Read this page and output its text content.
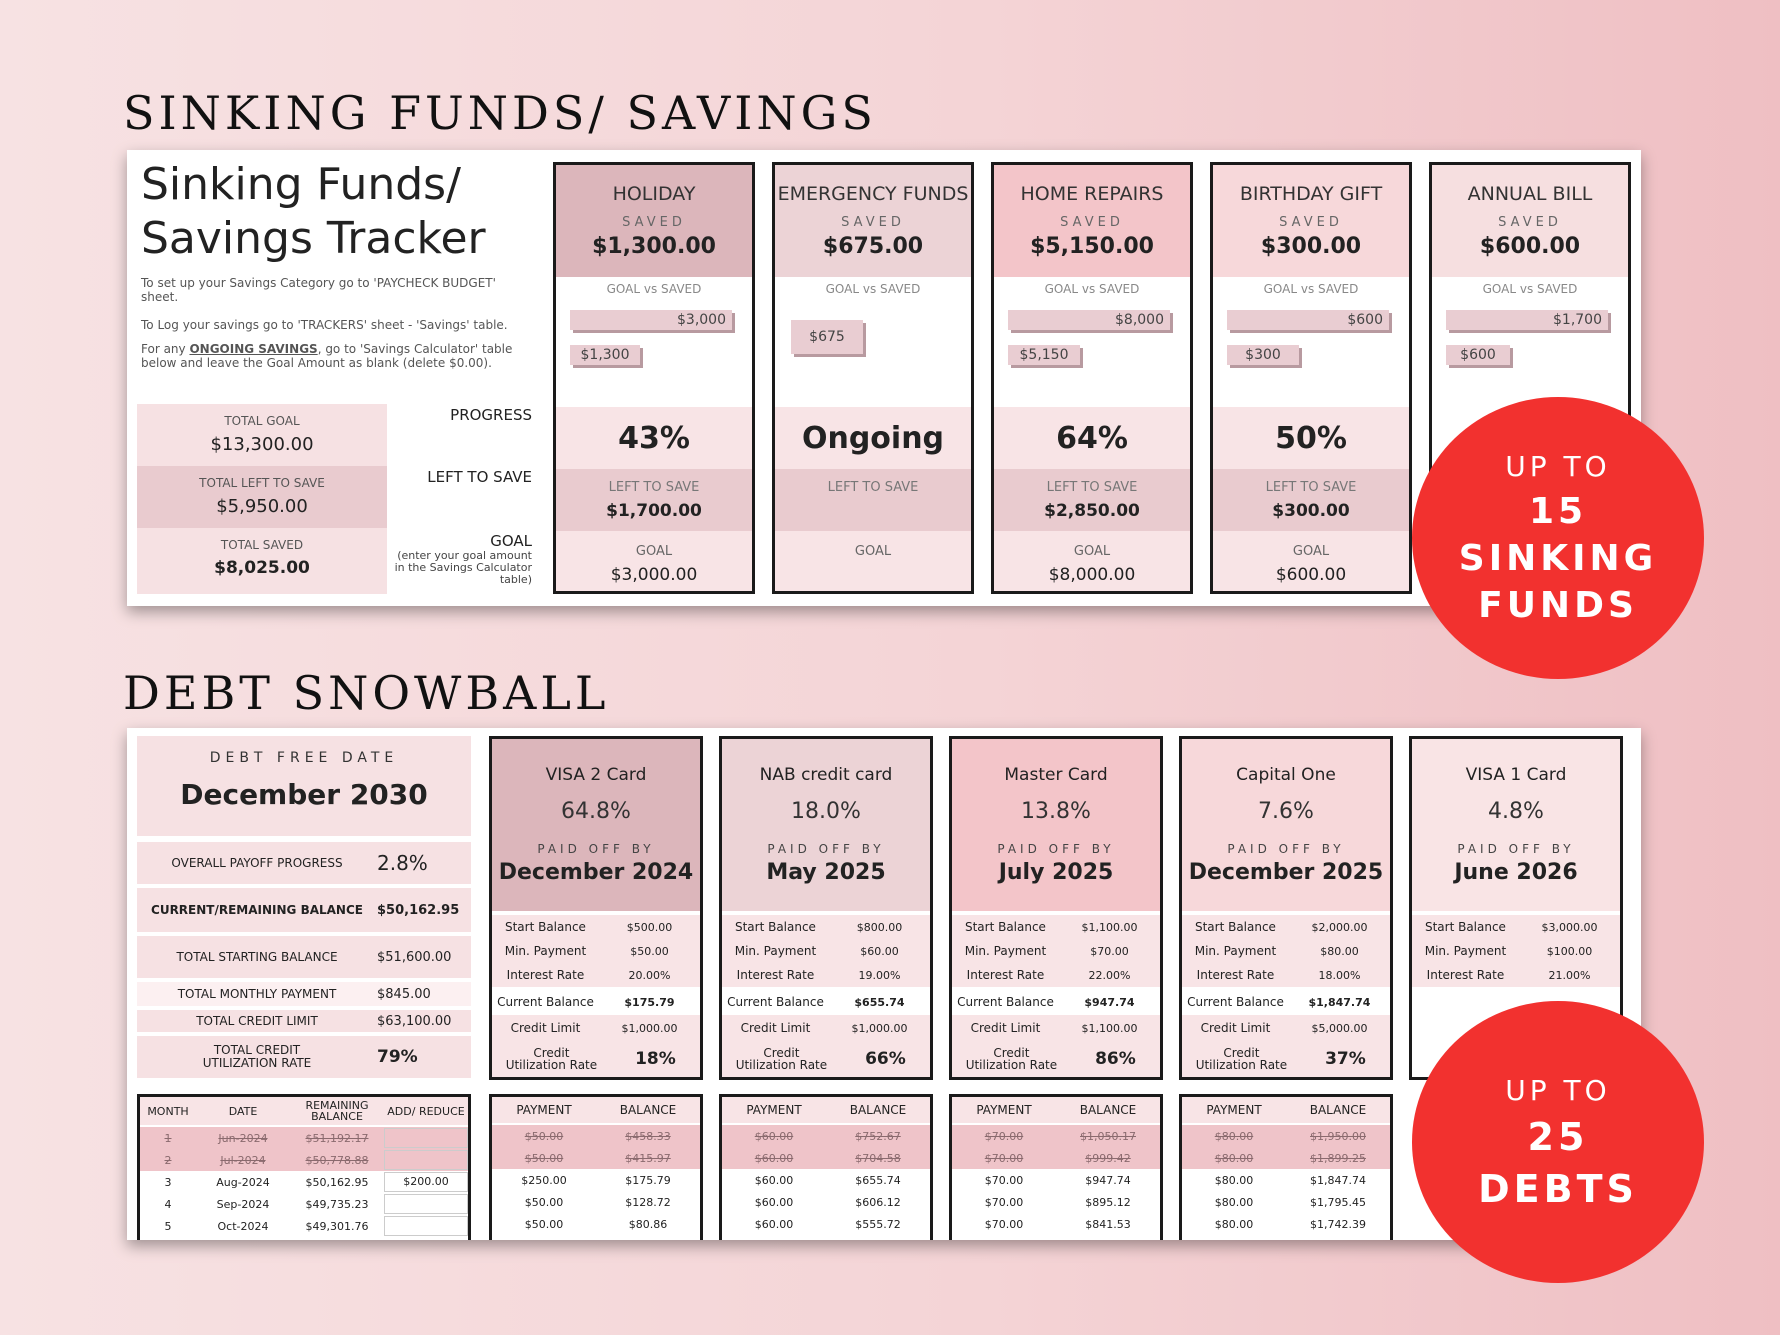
SINKING FUNDS/ SAVINGS
Sinking Funds/
Savings Tracker
To set up your Savings Category go to 'PAYCHECK BUDGET' sheet.
To Log your savings go to 'TRACKERS' sheet - 'Savings' table.
For any ONGOING SAVINGS, go to 'Savings Calculator' table below and leave the Goal Amount as blank (delete $0.00).
TOTAL GOAL
$13,300.00
TOTAL LEFT TO SAVE
$5,950.00
TOTAL SAVED
$8,025.00
PROGRESS
LEFT TO SAVE
GOAL
(enter your goal amount in the Savings Calculator table)
HOLIDAY
SAVED
$1,300.00
GOAL vs SAVED
$3,000
$1,300
43%
LEFT TO SAVE
$1,700.00
GOAL
$3,000.00
EMERGENCY FUNDS
SAVED
$675.00
GOAL vs SAVED
$675
Ongoing
LEFT TO SAVE
GOAL
HOME REPAIRS
SAVED
$5,150.00
GOAL vs SAVED
$8,000
$5,150
64%
LEFT TO SAVE
$2,850.00
GOAL
$8,000.00
BIRTHDAY GIFT
SAVED
$300.00
GOAL vs SAVED
$600
$300
50%
LEFT TO SAVE
$300.00
GOAL
$600.00
ANNUAL BILL
SAVED
$600.00
GOAL vs SAVED
$1,700
$600
DEBT SNOWBALL
DEBT FREE DATE
December 2030
OVERALL PAYOFF PROGRESS	2.8%
CURRENT/REMAINING BALANCE	$50,162.95
TOTAL STARTING BALANCE	$51,600.00
TOTAL MONTHLY PAYMENT	$845.00
TOTAL CREDIT LIMIT	$63,100.00
TOTAL CREDIT UTILIZATION RATE	79%
VISA 2 Card
64.8%
PAID OFF BY
December 2024
Start Balance	$500.00
Min. Payment	$50.00
Interest Rate	20.00%
Current Balance	$175.79
Credit Limit	$1,000.00
Credit
Utilization Rate	18%
NAB credit card
18.0%
PAID OFF BY
May 2025
Start Balance	$800.00
Min. Payment	$60.00
Interest Rate	19.00%
Current Balance	$655.74
Credit Limit	$1,000.00
Credit
Utilization Rate	66%
Master Card
13.8%
PAID OFF BY
July 2025
Start Balance	$1,100.00
Min. Payment	$70.00
Interest Rate	22.00%
Current Balance	$947.74
Credit Limit	$1,100.00
Credit
Utilization Rate	86%
Capital One
7.6%
PAID OFF BY
December 2025
Start Balance	$2,000.00
Min. Payment	$80.00
Interest Rate	18.00%
Current Balance	$1,847.74
Credit Limit	$5,000.00
Credit
Utilization Rate	37%
VISA 1 Card
4.8%
PAID OFF BY
June 2026
Start Balance	$3,000.00
Min. Payment	$100.00
Interest Rate	21.00%
MONTH	DATE	REMAINING BALANCE	ADD/ REDUCE
1	Jun-2024	$51,192.17
2	Jul-2024	$50,778.88
3	Aug-2024	$50,162.95	$200.00
4	Sep-2024	$49,735.23
5	Oct-2024	$49,301.76
PAYMENT	BALANCE
$50.00	$458.33
$50.00	$415.97
$250.00	$175.79
$50.00	$128.72
$50.00	$80.86
PAYMENT	BALANCE
$60.00	$752.67
$60.00	$704.58
$60.00	$655.74
$60.00	$606.12
$60.00	$555.72
PAYMENT	BALANCE
$70.00	$1,050.17
$70.00	$999.42
$70.00	$947.74
$70.00	$895.12
$70.00	$841.53
PAYMENT	BALANCE
$80.00	$1,950.00
$80.00	$1,899.25
$80.00	$1,847.74
$80.00	$1,795.45
$80.00	$1,742.39
UP TO
15
SINKING
FUNDS
UP TO
25
DEBTS
